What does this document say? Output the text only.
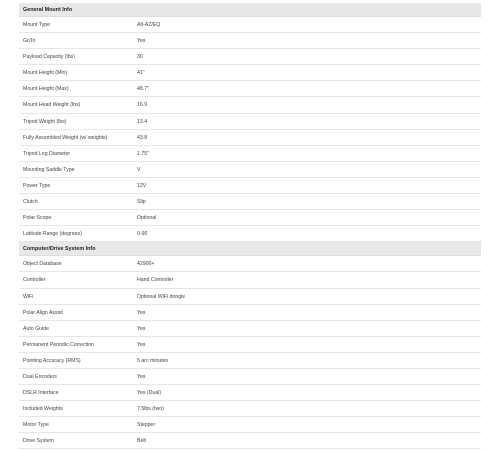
General Mount Info
Mount Type	Alt-AZ/EQ
GoTo	Yes
Payload Capacity (lbs)	30
Mount Height (Min)	41"
Mount Height (Max)	48.7"
Mount Head Weight (lbs)	16.9
Tripod Weight (lbs)	13.4
Fully Assembled Weight (w/ weights)	43.8
Tripod Leg Diameter	1.75"
Mounting Saddle Type	V
Power Type	12V
Clutch	Slip
Polar Scope	Optional
Latitude Range (degrees)	0-90
Computer/Drive System Info
Object Database	42900+
Controller	Hand Controller
WiFi	Optional WiFi dongle
Polar Align Assist	Yes
Auto Guide	Yes
Permanent Periodic Correction	Yes
Pointing Accuracy (RMS)	5 arc minutes
Dual Encoders	Yes
DSLR Interface	Yes (Dual)
Included Weights	7.5lbs (two)
Motor Type	Stepper
Drive System	Belt
